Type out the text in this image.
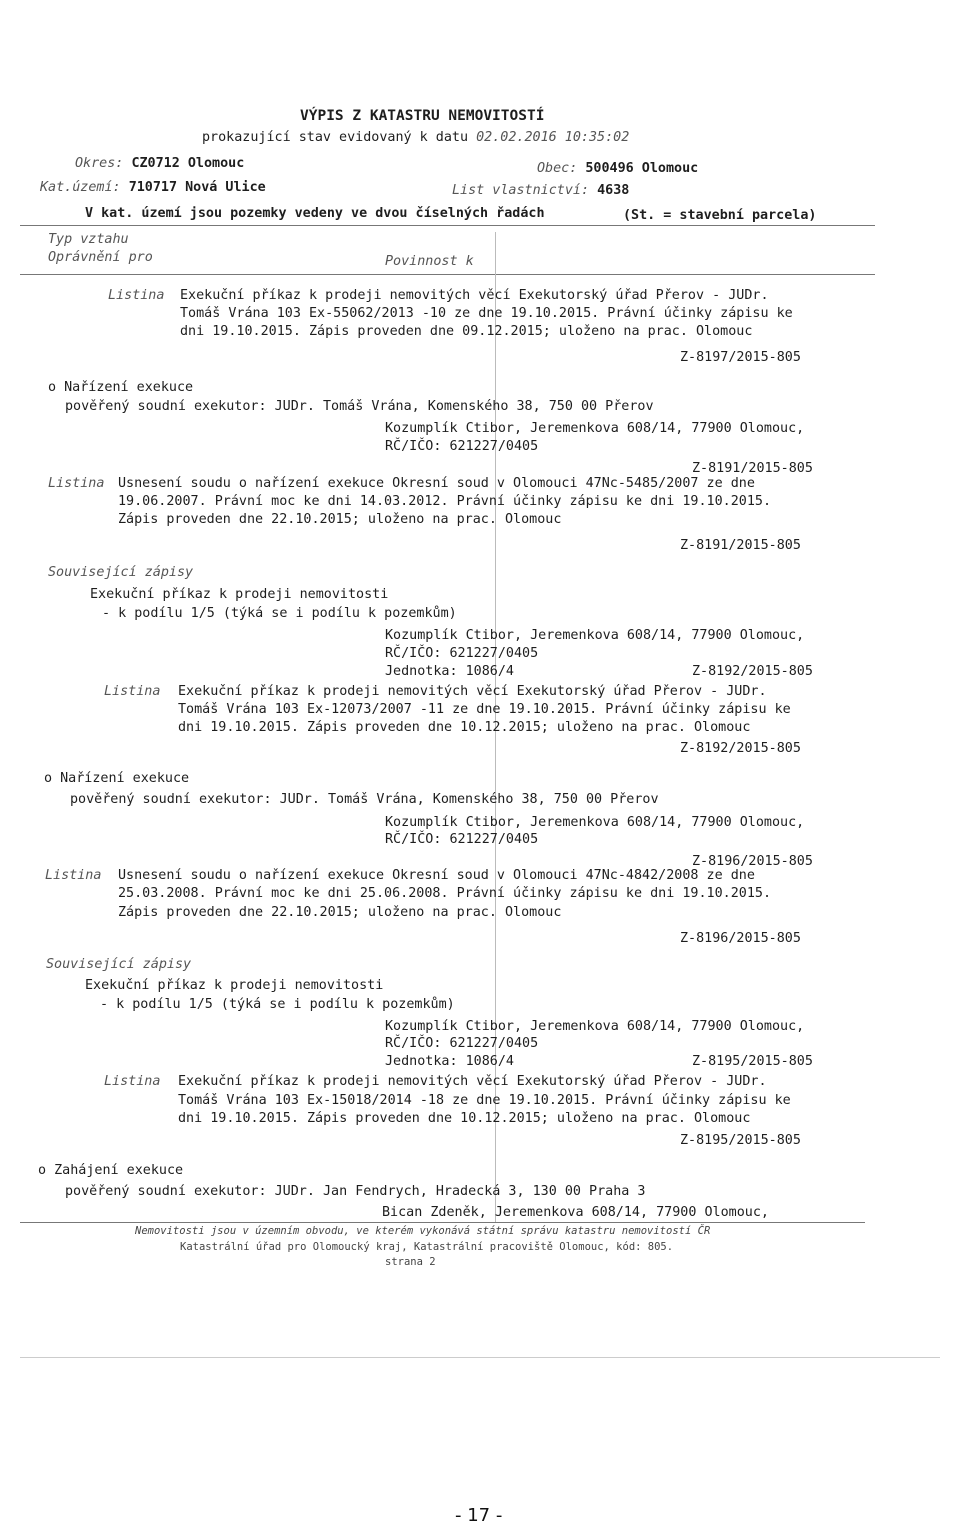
VÝPIS Z KATASTRU NEMOVITOSTÍ
prokazující stav evidovaný k datu 02.02.2016 10:35:02
Okres: CZ0712 Olomouc	Obec: 500496 Olomouc
Kat.území: 710717 Nová Ulice	List vlastnictví: 4638
V kat. území jsou pozemky vedeny ve dvou číselných řadách	(St. = stavební parcela)
Typ vztahu
Oprávnění pro	Povinnost k
Listina Exekuční příkaz k prodeji nemovitých věcí Exekutorský úřad Přerov - JUDr.
Tomáš Vrána 103 Ex-55062/2013 -10 ze dne 19.10.2015. Právní účinky zápisu ke
dni 19.10.2015. Zápis proveden dne 09.12.2015; uloženo na prac. Olomouc
Z-8197/2015-805
o Nařízení exekuce
pověřený soudní exekutor: JUDr. Tomáš Vrána, Komenského 38, 750 00 Přerov
Kozumplík Ctibor, Jeremenkova 608/14, 77900 Olomouc,
RČ/IČO: 621227/0405
Z-8191/2015-805
Listina Usnesení soudu o nařízení exekuce Okresní soud v Olomouci 47Nc-5485/2007 ze dne
19.06.2007. Právní moc ke dni 14.03.2012. Právní účinky zápisu ke dni 19.10.2015.
Zápis proveden dne 22.10.2015; uloženo na prac. Olomouc
Z-8191/2015-805
Související zápisy
Exekuční příkaz k prodeji nemovitosti
- k podílu 1/5 (týká se i podílu k pozemkům)
Kozumplík Ctibor, Jeremenkova 608/14, 77900 Olomouc,
RČ/IČO: 621227/0405
Jednotka: 1086/4	Z-8192/2015-805
Listina Exekuční příkaz k prodeji nemovitých věcí Exekutorský úřad Přerov - JUDr.
Tomáš Vrána 103 Ex-12073/2007 -11 ze dne 19.10.2015. Právní účinky zápisu ke
dni 19.10.2015. Zápis proveden dne 10.12.2015; uloženo na prac. Olomouc
Z-8192/2015-805
o Nařízení exekuce
pověřený soudní exekutor: JUDr. Tomáš Vrána, Komenského 38, 750 00 Přerov
Kozumplík Ctibor, Jeremenkova 608/14, 77900 Olomouc,
RČ/IČO: 621227/0405
Z-8196/2015-805
Listina Usnesení soudu o nařízení exekuce Okresní soud v Olomouci 47Nc-4842/2008 ze dne
25.03.2008. Právní moc ke dni 25.06.2008. Právní účinky zápisu ke dni 19.10.2015.
Zápis proveden dne 22.10.2015; uloženo na prac. Olomouc
Z-8196/2015-805
Související zápisy
Exekuční příkaz k prodeji nemovitosti
- k podílu 1/5 (týká se i podílu k pozemkům)
Kozumplík Ctibor, Jeremenkova 608/14, 77900 Olomouc,
RČ/IČO: 621227/0405
Jednotka: 1086/4	Z-8195/2015-805
Listina Exekuční příkaz k prodeji nemovitých věcí Exekutorský úřad Přerov - JUDr.
Tomáš Vrána 103 Ex-15018/2014 -18 ze dne 19.10.2015. Právní účinky zápisu ke
dni 19.10.2015. Zápis proveden dne 10.12.2015; uloženo na prac. Olomouc
Z-8195/2015-805
o Zahájení exekuce
pověřený soudní exekutor: JUDr. Jan Fendrych, Hradecká 3, 130 00 Praha 3
Bican Zdeněk, Jeremenkova 608/14, 77900 Olomouc,
Nemovitosti jsou v územním obvodu, ve kterém vykonává státní správu katastru nemovitostí ČR
Katastrální úřad pro Olomoucký kraj, Katastrální pracoviště Olomouc, kód: 805.
strana 2
- 17 -
